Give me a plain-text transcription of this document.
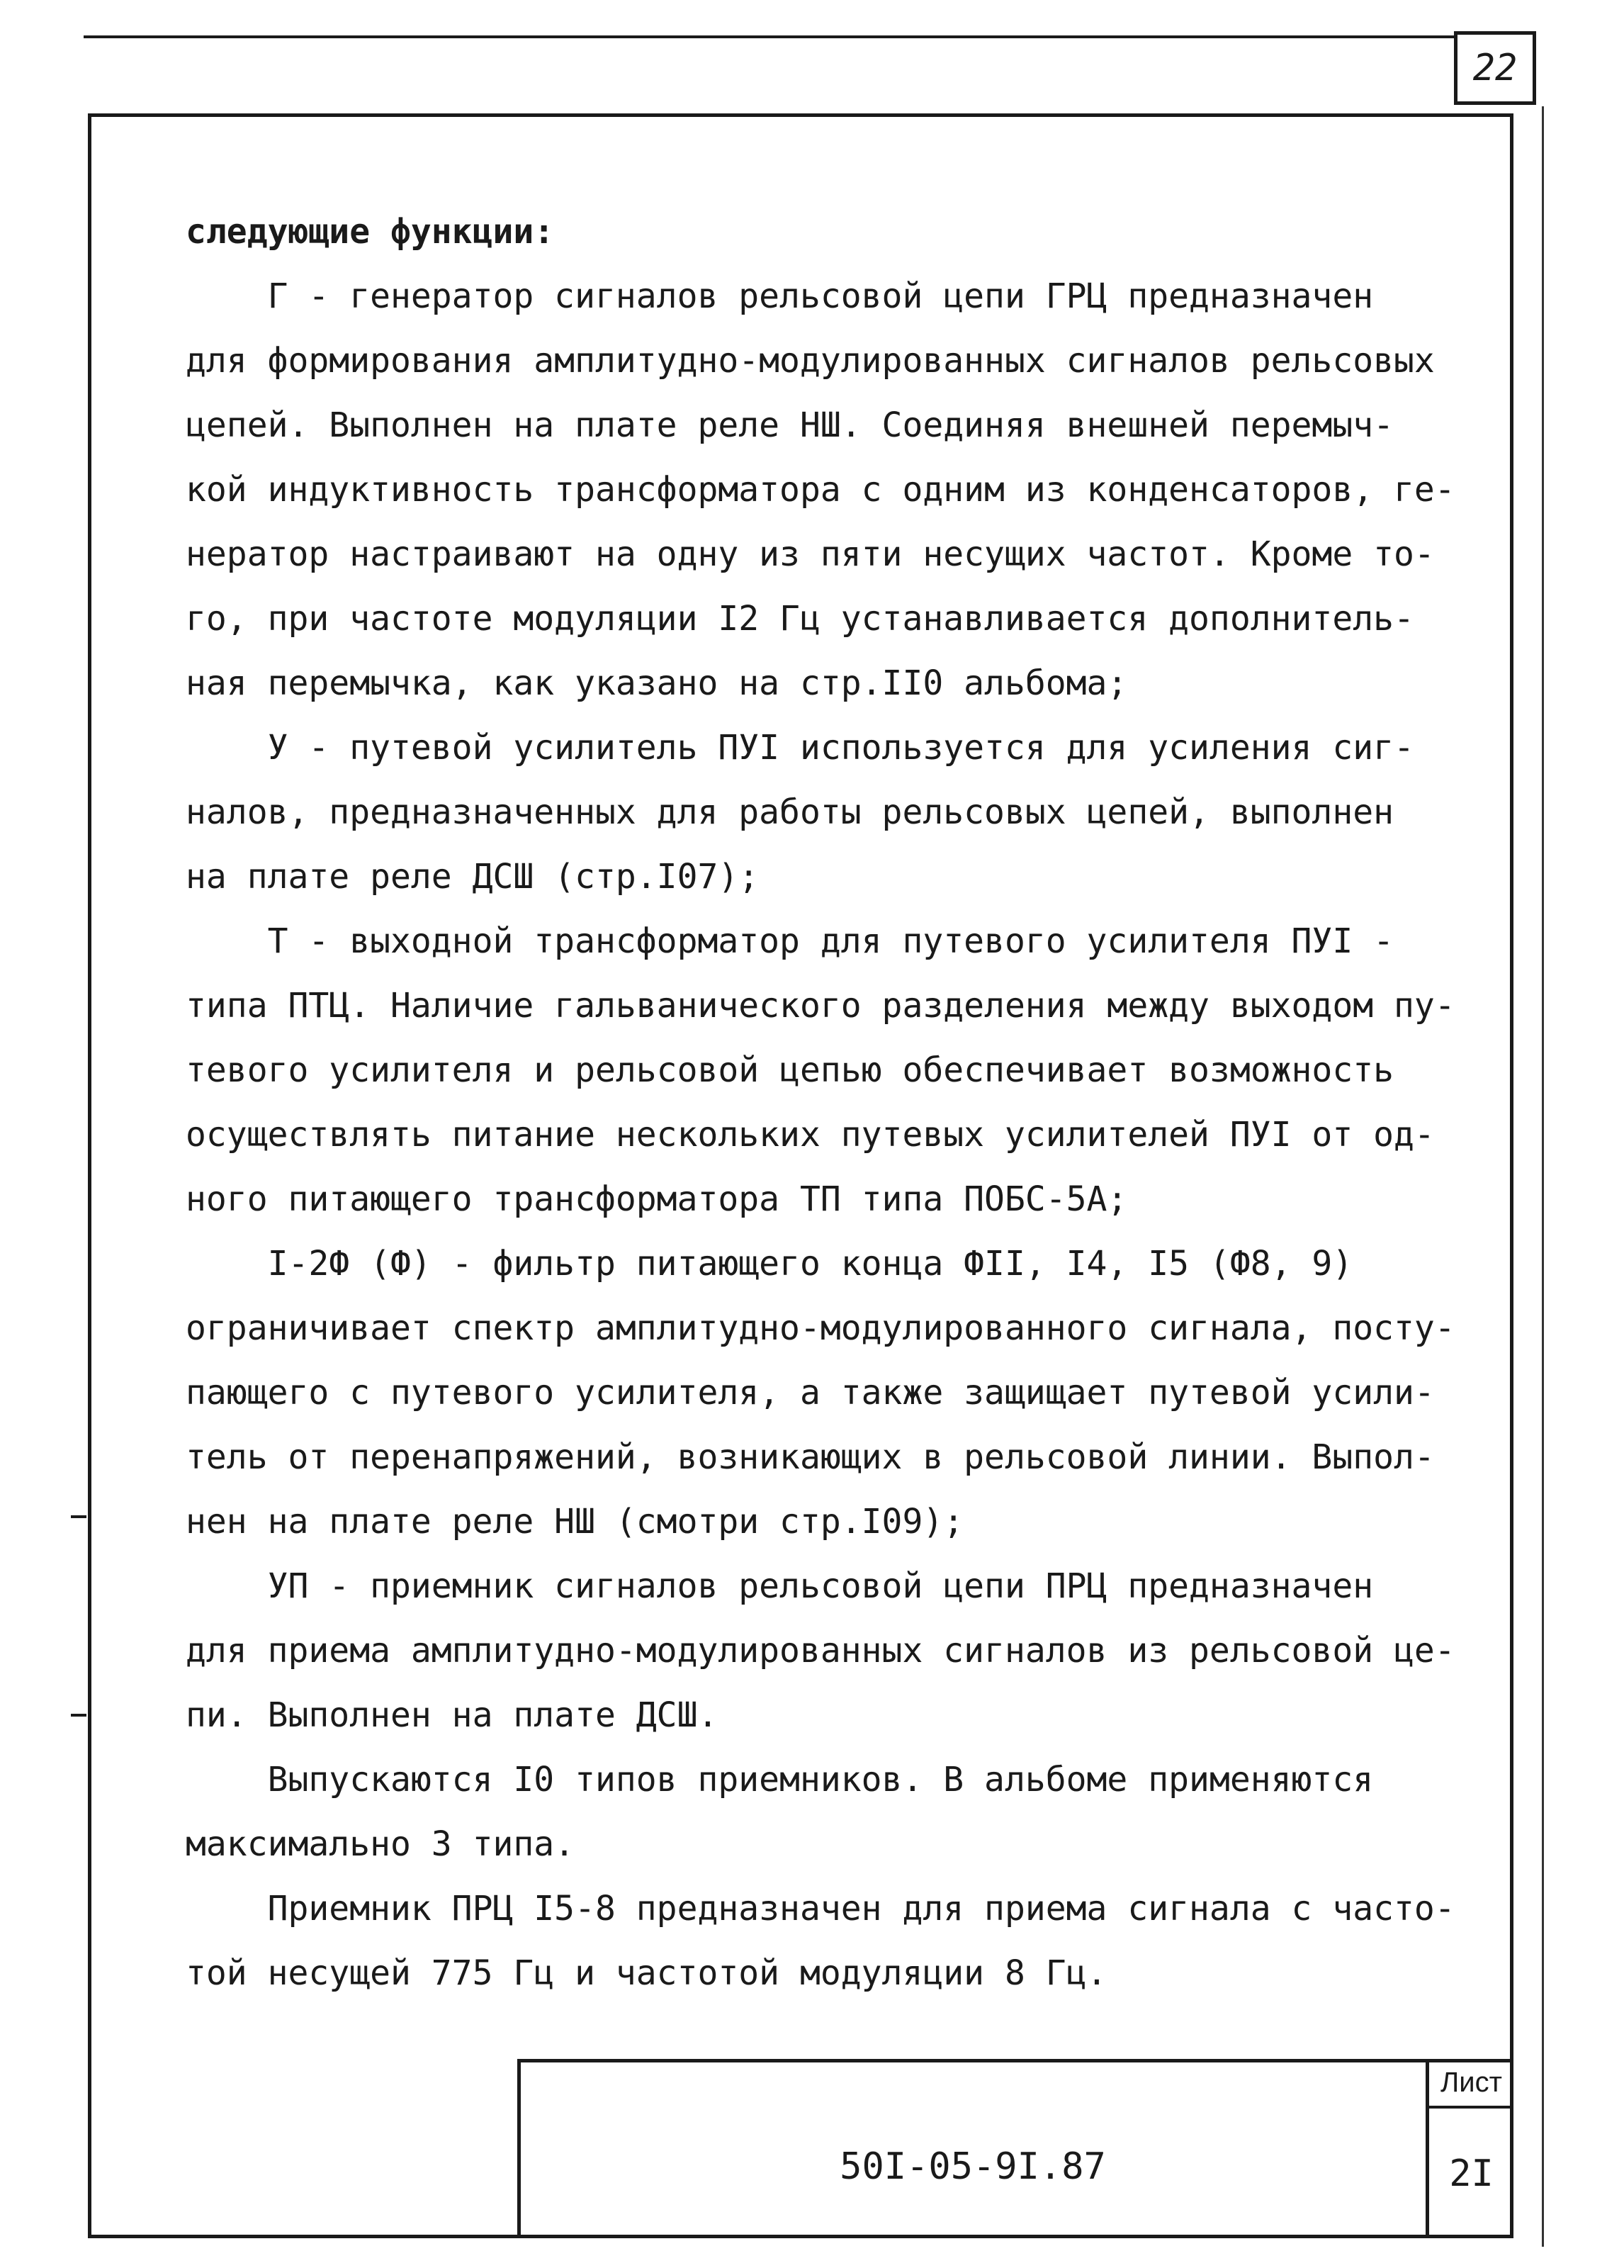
22
следующие функции:
Г - генератор сигналов рельсовой цепи ГРЦ предназначен
для формирования амплитудно-модулированных сигналов рельсовых
цепей. Выполнен на плате реле НШ. Соединяя внешней перемыч-
кой индуктивность трансформатора с одним из конденсаторов, ге-
нератор настраивают на одну из пяти несущих частот. Кроме то-
го, при частоте модуляции I2 Гц устанавливается дополнитель-
ная перемычка, как указано на стр.II0 альбома;
У - путевой усилитель ПУI используется для усиления сиг-
налов, предназначенных для работы рельсовых цепей, выполнен
на плате реле ДСШ (стр.I07);
Т - выходной трансформатор для путевого усилителя ПУI -
типа ПТЦ. Наличие гальванического разделения между выходом пу-
тевого усилителя и рельсовой цепью обеспечивает возможность
осуществлять питание нескольких путевых усилителей ПУI от од-
ного питающего трансформатора ТП типа ПОБС-5А;
I-2Ф (Ф) - фильтр питающего конца ФII, I4, I5 (Ф8, 9)
ограничивает спектр амплитудно-модулированного сигнала, посту-
пающего с путевого усилителя, а также защищает путевой усили-
тель от перенапряжений, возникающих в рельсовой линии. Выпол-
нен на плате реле НШ (смотри стр.I09);
УП - приемник сигналов рельсовой цепи ПРЦ предназначен
для приема амплитудно-модулированных сигналов из рельсовой це-
пи. Выполнен на плате ДСШ.
Выпускаются I0 типов приемников. В альбоме применяются
максимально 3 типа.
Приемник ПРЦ I5-8 предназначен для приема сигнала с часто-
той несущей 775 Гц и частотой модуляции 8 Гц.
50I-05-9I.87
Лист
2I
